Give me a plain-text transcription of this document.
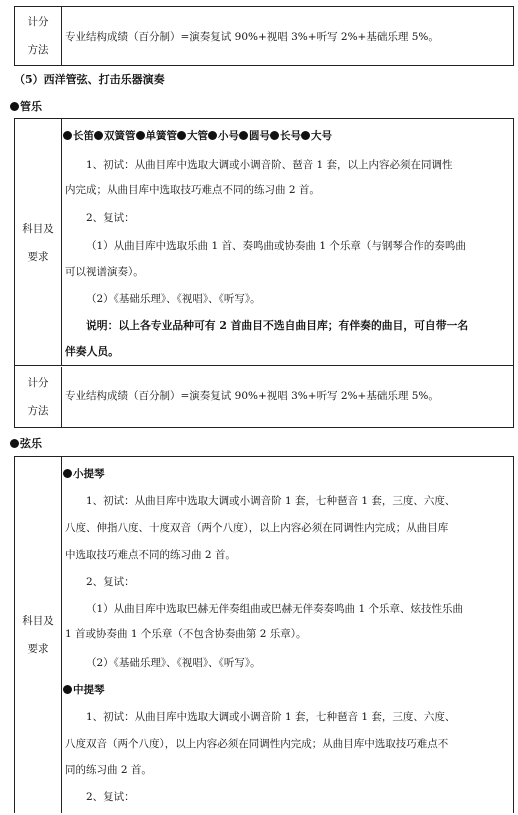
计分
方法
专业结构成绩（百分制）=演奏复试 90%+视唱 3%+听写 2%+基础乐理 5%。
（5）西洋管弦、打击乐器演奏
管乐
科目及
要求
长笛 双簧管 单簧管 大管 小号 圆号 长号 大号
1、初试：从曲目库中选取大调或小调音阶、琶音 1 套，以上内容必须在同调性
内完成；从曲目库中选取技巧难点不同的练习曲 2 首。
2、复试：
（1）从曲目库中选取乐曲 1 首、奏鸣曲或协奏曲 1 个乐章（与钢琴合作的奏鸣曲
可以视谱演奏）。
（2）《基础乐理》、《视唱》、《听写》。
说明：以上各专业品种可有 2 首曲目不选自曲目库；有伴奏的曲目，可自带一名
伴奏人员。
计分
方法
专业结构成绩（百分制）=演奏复试 90%+视唱 3%+听写 2%+基础乐理 5%。
弦乐
科目及
要求
小提琴
1、初试：从曲目库中选取大调或小调音阶 1 套，七种琶音 1 套，三度、六度、
八度、伸指八度、十度双音（两个八度），以上内容必须在同调性内完成；从曲目库
中选取技巧难点不同的练习曲 2 首。
2、复试：
（1）从曲目库中选取巴赫无伴奏组曲或巴赫无伴奏奏鸣曲 1 个乐章、炫技性乐曲
1 首或协奏曲 1 个乐章（不包含协奏曲第 2 乐章）。
（2）《基础乐理》、《视唱》、《听写》。
中提琴
1、初试：从曲目库中选取大调或小调音阶 1 套，七种琶音 1 套，三度、六度、
八度双音（两个八度），以上内容必须在同调性内完成；从曲目库中选取技巧难点不
同的练习曲 2 首。
2、复试：
